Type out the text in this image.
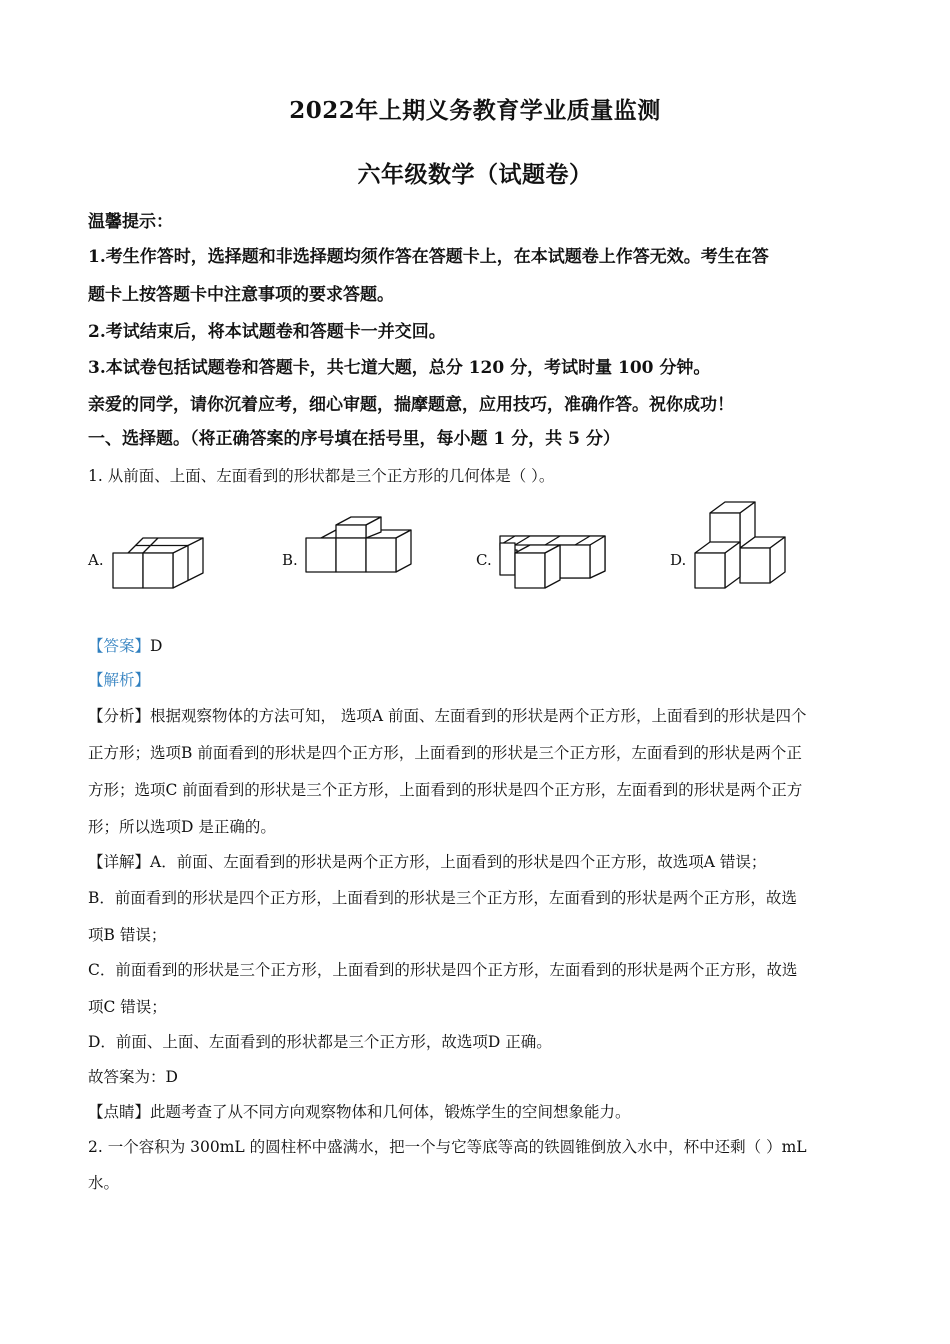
2022年上期义务教育学业质量监测
六年级数学（试题卷）
温馨提示：
1.考生作答时，选择题和非选择题均须作答在答题卡上，在本试题卷上作答无效。考生在答
题卡上按答题卡中注意事项的要求答题。
2.考试结束后，将本试题卷和答题卡一并交回。
3.本试卷包括试题卷和答题卡，共七道大题，总分 120 分，考试时量 100 分钟。
亲爱的同学，请你沉着应考，细心审题，揣摩题意，应用技巧，准确作答。祝你成功！
一、选择题。（将正确答案的序号填在括号里，每小题 1 分，共 5 分）
1. 从前面、上面、左面看到的形状都是三个正方形的几何体是（ ）。
A.	B.	C.	D.
【答案】D
【解析】
【分析】根据观察物体的方法可知， 选项A 前面、左面看到的形状是两个正方形，上面看到的形状是四个
正方形；选项B 前面看到的形状是四个正方形，上面看到的形状是三个正方形，左面看到的形状是两个正
方形；选项C 前面看到的形状是三个正方形，上面看到的形状是四个正方形，左面看到的形状是两个正方
形；所以选项D 是正确的。
【详解】A．前面、左面看到的形状是两个正方形，上面看到的形状是四个正方形，故选项A 错误；
B．前面看到的形状是四个正方形，上面看到的形状是三个正方形，左面看到的形状是两个正方形，故选
项B 错误；
C．前面看到的形状是三个正方形，上面看到的形状是四个正方形，左面看到的形状是两个正方形，故选
项C 错误；
D．前面、上面、左面看到的形状都是三个正方形，故选项D 正确。
故答案为：D
【点睛】此题考查了从不同方向观察物体和几何体，锻炼学生的空间想象能力。
2. 一个容积为 300mL 的圆柱杯中盛满水，把一个与它等底等高的铁圆锥倒放入水中，杯中还剩（ ）mL
水。
